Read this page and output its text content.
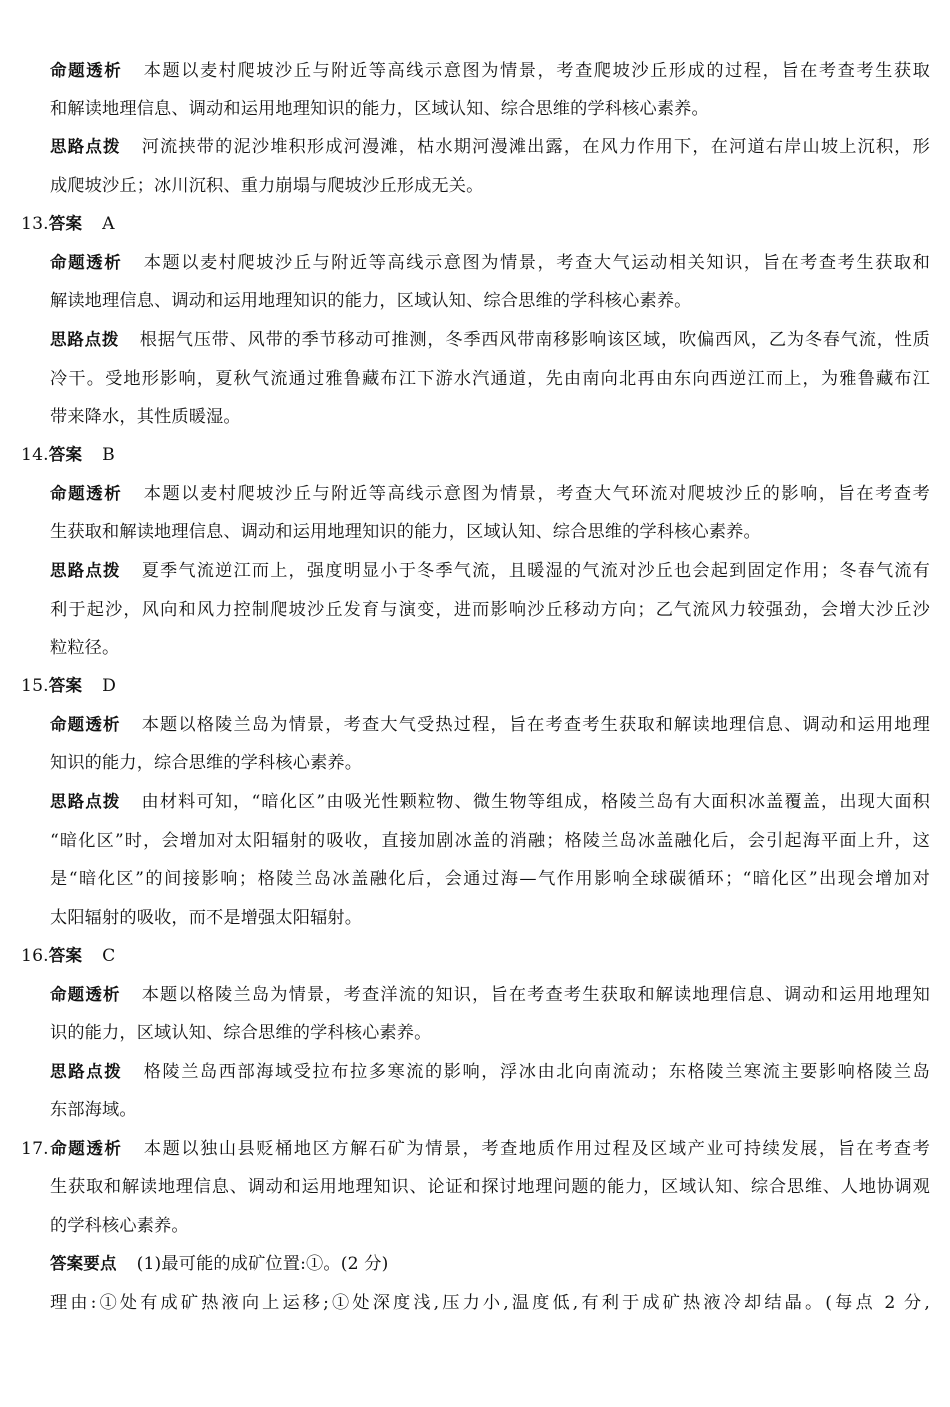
命题透析 本题以麦村爬坡沙丘与附近等高线示意图为情景，考查爬坡沙丘形成的过程，旨在考查考生获取
和解读地理信息、调动和运用地理知识的能力，区域认知、综合思维的学科核心素养。
思路点拨 河流挟带的泥沙堆积形成河漫滩，枯水期河漫滩出露，在风力作用下，在河道右岸山坡上沉积，形
成爬坡沙丘；冰川沉积、重力崩塌与爬坡沙丘形成无关。
13.答案 A
命题透析 本题以麦村爬坡沙丘与附近等高线示意图为情景，考查大气运动相关知识，旨在考查考生获取和
解读地理信息、调动和运用地理知识的能力，区域认知、综合思维的学科核心素养。
思路点拨 根据气压带、风带的季节移动可推测，冬季西风带南移影响该区域，吹偏西风，乙为冬春气流，性质
冷干。受地形影响，夏秋气流通过雅鲁藏布江下游水汽通道，先由南向北再由东向西逆江而上，为雅鲁藏布江
带来降水，其性质暖湿。
14.答案 B
命题透析 本题以麦村爬坡沙丘与附近等高线示意图为情景，考查大气环流对爬坡沙丘的影响，旨在考查考
生获取和解读地理信息、调动和运用地理知识的能力，区域认知、综合思维的学科核心素养。
思路点拨 夏季气流逆江而上，强度明显小于冬季气流，且暖湿的气流对沙丘也会起到固定作用；冬春气流有
利于起沙，风向和风力控制爬坡沙丘发育与演变，进而影响沙丘移动方向；乙气流风力较强劲，会增大沙丘沙
粒粒径。
15.答案 D
命题透析 本题以格陵兰岛为情景，考查大气受热过程，旨在考查考生获取和解读地理信息、调动和运用地理
知识的能力，综合思维的学科核心素养。
思路点拨 由材料可知，“暗化区”由吸光性颗粒物、微生物等组成，格陵兰岛有大面积冰盖覆盖，出现大面积
“暗化区”时，会增加对太阳辐射的吸收，直接加剧冰盖的消融；格陵兰岛冰盖融化后，会引起海平面上升，这
是“暗化区”的间接影响；格陵兰岛冰盖融化后，会通过海—气作用影响全球碳循环；“暗化区”出现会增加对
太阳辐射的吸收，而不是增强太阳辐射。
16.答案 C
命题透析 本题以格陵兰岛为情景，考查洋流的知识，旨在考查考生获取和解读地理信息、调动和运用地理知
识的能力，区域认知、综合思维的学科核心素养。
思路点拨 格陵兰岛西部海域受拉布拉多寒流的影响，浮冰由北向南流动；东格陵兰寒流主要影响格陵兰岛
东部海域。
17.命题透析 本题以独山县贬桶地区方解石矿为情景，考查地质作用过程及区域产业可持续发展，旨在考查考
生获取和解读地理信息、调动和运用地理知识、论证和探讨地理问题的能力，区域认知、综合思维、人地协调观
的学科核心素养。
答案要点 (1)最可能的成矿位置:①。(2 分)
理由:①处有成矿热液向上运移;①处深度浅,压力小,温度低,有利于成矿热液冷却结晶。(每点 2 分,
